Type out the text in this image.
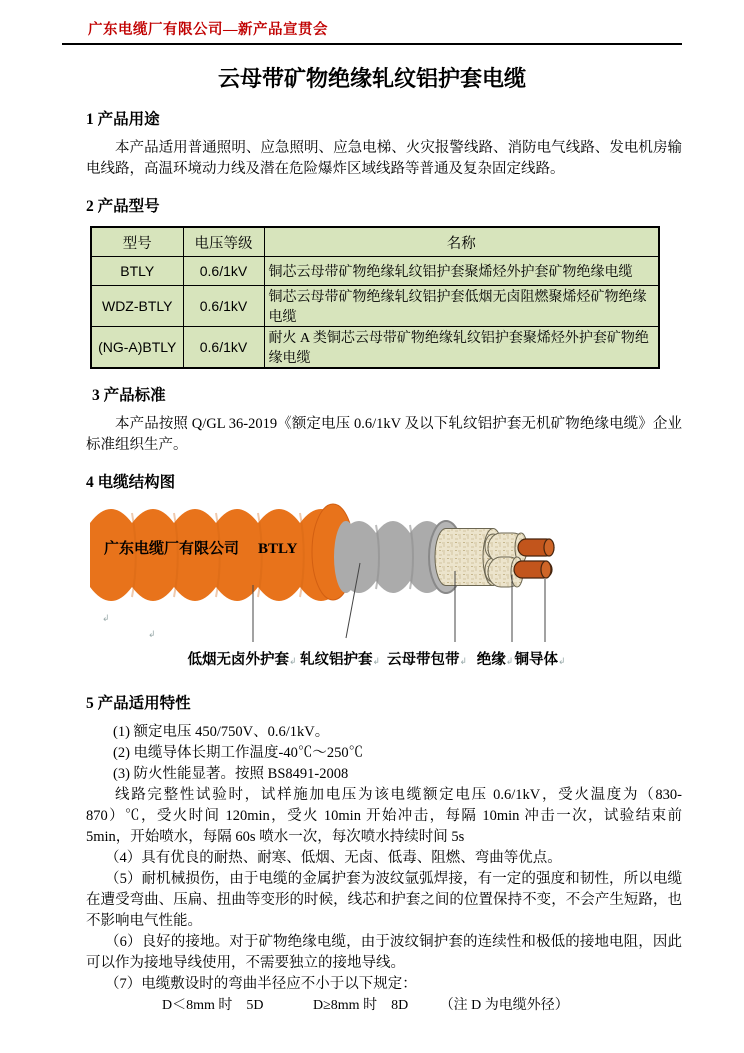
广东电缆厂有限公司—新产品宣贯会
云母带矿物绝缘轧纹铝护套电缆
1 产品用途

本产品适用普通照明、应急照明、应急电梯、火灾报警线路、消防电气线路、发电机房输电线路，高温环境动力线及潜在危险爆炸区域线路等普通及复杂固定线路。

2 产品型号
型号	电压等级	名称
BTLY	0.6/1kV	铜芯云母带矿物绝缘轧纹铝护套聚烯烃外护套矿物绝缘电缆
WDZ-BTLY	0.6/1kV	铜芯云母带矿物绝缘轧纹铝护套低烟无卤阻燃聚烯烃矿物绝缘电缆
(NG-A)BTLY	0.6/1kV	耐火 A 类铜芯云母带矿物绝缘轧纹铝护套聚烯烃外护套矿物绝缘电缆
3 产品标准

本产品按照 Q/GL 36-2019《额定电压 0.6/1kV 及以下轧纹铝护套无机矿物绝缘电缆》企业标准组织生产。

4 电缆结构图
广东电缆厂有限公司 BTLY
↲
↲
低烟无卤外护套↲ 轧纹铝护套↲ 云母带包带↲ 绝缘↲ 铜导体↲
5 产品适用特性

(1) 额定电压 450/750V、0.6/1kV。

(2) 电缆导体长期工作温度-40℃～250℃

(3) 防火性能显著。按照 BS8491-2008

线路完整性试验时，试样施加电压为该电缆额定电压 0.6/1kV，受火温度为（830-870）℃，受火时间 120min，受火 10min 开始冲击，每隔 10min 冲击一次，试验结束前 5min，开始喷水，每隔 60s 喷水一次，每次喷水持续时间 5s

（4）具有优良的耐热、耐寒、低烟、无卤、低毒、阻燃、弯曲等优点。

（5）耐机械损伤，由于电缆的金属护套为波纹氩弧焊接，有一定的强度和韧性，所以电缆在遭受弯曲、压扁、扭曲等变形的时候，线芯和护套之间的位置保持不变，不会产生短路，也不影响电气性能。

（6）良好的接地。对于矿物绝缘电缆，由于波纹铜护套的连续性和极低的接地电阻，因此可以作为接地导线使用，不需要独立的接地导线。

（7）电缆敷设时的弯曲半径应不小于以下规定：

D＜8mm 时　5D	D≥8mm 时　8D （注 D 为电缆外径）
